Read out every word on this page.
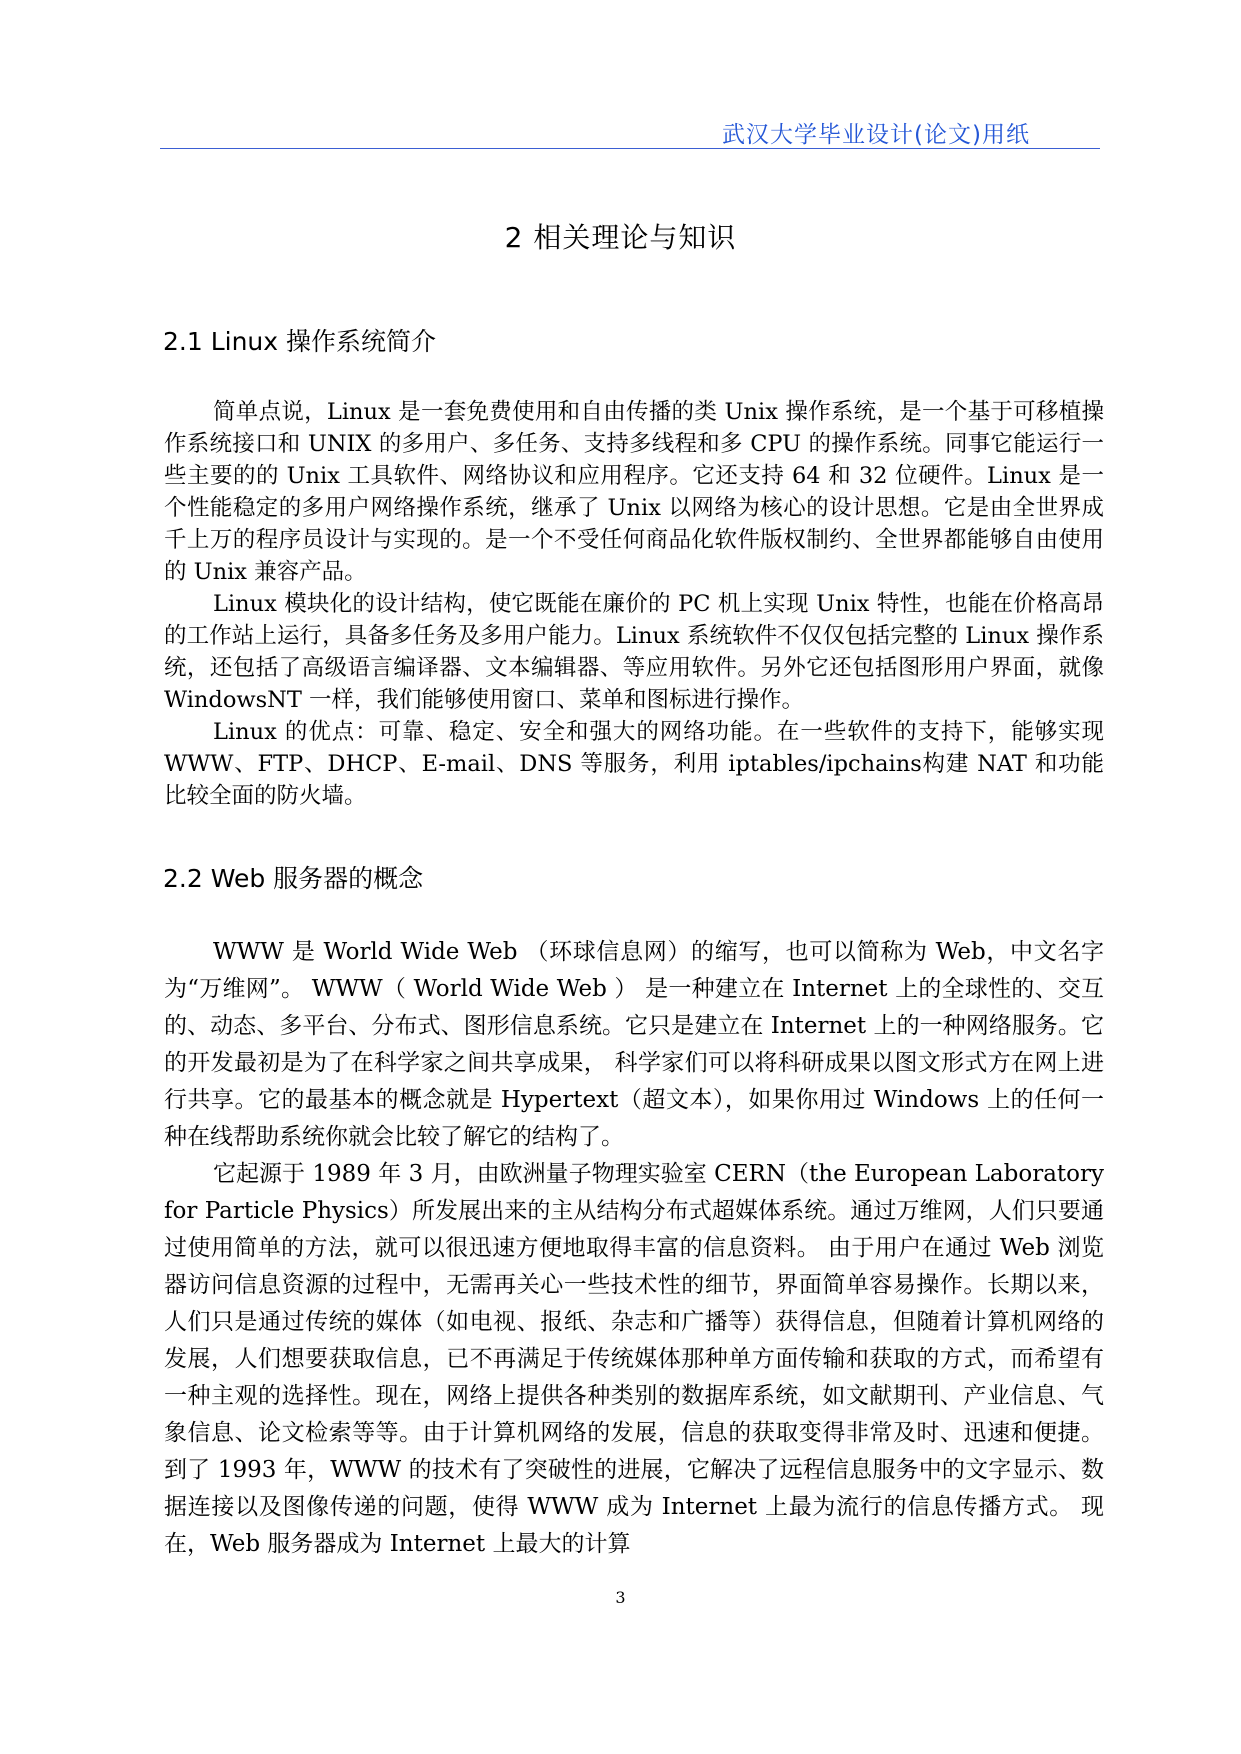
武汉大学毕业设计(论文)用纸
2 相关理论与知识
2.1 Linux 操作系统简介

简单点说，Linux 是一套免费使用和自由传播的类 Unix 操作系统，是一个基于可移植操作系统接口和 UNIX 的多用户、多任务、支持多线程和多 CPU 的操作系统。同事它能运行一些主要的的 Unix 工具软件、网络协议和应用程序。它还支持 64 和 32 位硬件。Linux 是一个性能稳定的多用户网络操作系统，继承了 Unix 以网络为核心的设计思想。它是由全世界成千上万的程序员设计与实现的。是一个不受任何商品化软件版权制约、全世界都能够自由使用的 Unix 兼容产品。

Linux 模块化的设计结构，使它既能在廉价的 PC 机上实现 Unix 特性，也能在价格高昂的工作站上运行，具备多任务及多用户能力。Linux 系统软件不仅仅包括完整的 Linux 操作系统，还包括了高级语言编译器、文本编辑器、等应用软件。另外它还包括图形用户界面，就像 WindowsNT 一样，我们能够使用窗口、菜单和图标进行操作。

Linux 的优点：可靠、稳定、安全和强大的网络功能。在一些软件的支持下，能够实现 WWW、FTP、DHCP、E-mail、DNS 等服务，利用 iptables/ipchains构建 NAT 和功能比较全面的防火墙。

2.2 Web 服务器的概念

WWW 是 World Wide Web （环球信息网）的缩写，也可以简称为 Web，中文名字为“万维网”。 WWW（ World Wide Web ） 是一种建立在 Internet 上的全球性的、交互的、动态、多平台、分布式、图形信息系统。它只是建立在 Internet 上的一种网络服务。它的开发最初是为了在科学家之间共享成果， 科学家们可以将科研成果以图文形式方在网上进行共享。它的最基本的概念就是 Hypertext（超文本），如果你用过 Windows 上的任何一种在线帮助系统你就会比较了解它的结构了。

它起源于 1989 年 3 月，由欧洲量子物理实验室 CERN（the European Laboratory for Particle Physics）所发展出来的主从结构分布式超媒体系统。通过万维网，人们只要通过使用简单的方法，就可以很迅速方便地取得丰富的信息资料。 由于用户在通过 Web 浏览器访问信息资源的过程中，无需再关心一些技术性的细节，界面简单容易操作。长期以来，人们只是通过传统的媒体（如电视、报纸、杂志和广播等）获得信息，但随着计算机网络的发展，人们想要获取信息，已不再满足于传统媒体那种单方面传输和获取的方式，而希望有一种主观的选择性。现在，网络上提供各种类别的数据库系统，如文献期刊、产业信息、气象信息、论文检索等等。由于计算机网络的发展，信息的获取变得非常及时、迅速和便捷。 到了 1993 年，WWW 的技术有了突破性的进展，它解决了远程信息服务中的文字显示、数据连接以及图像传递的问题，使得 WWW 成为 Internet 上最为流行的信息传播方式。 现在，Web 服务器成为 Internet 上最大的计算

3
